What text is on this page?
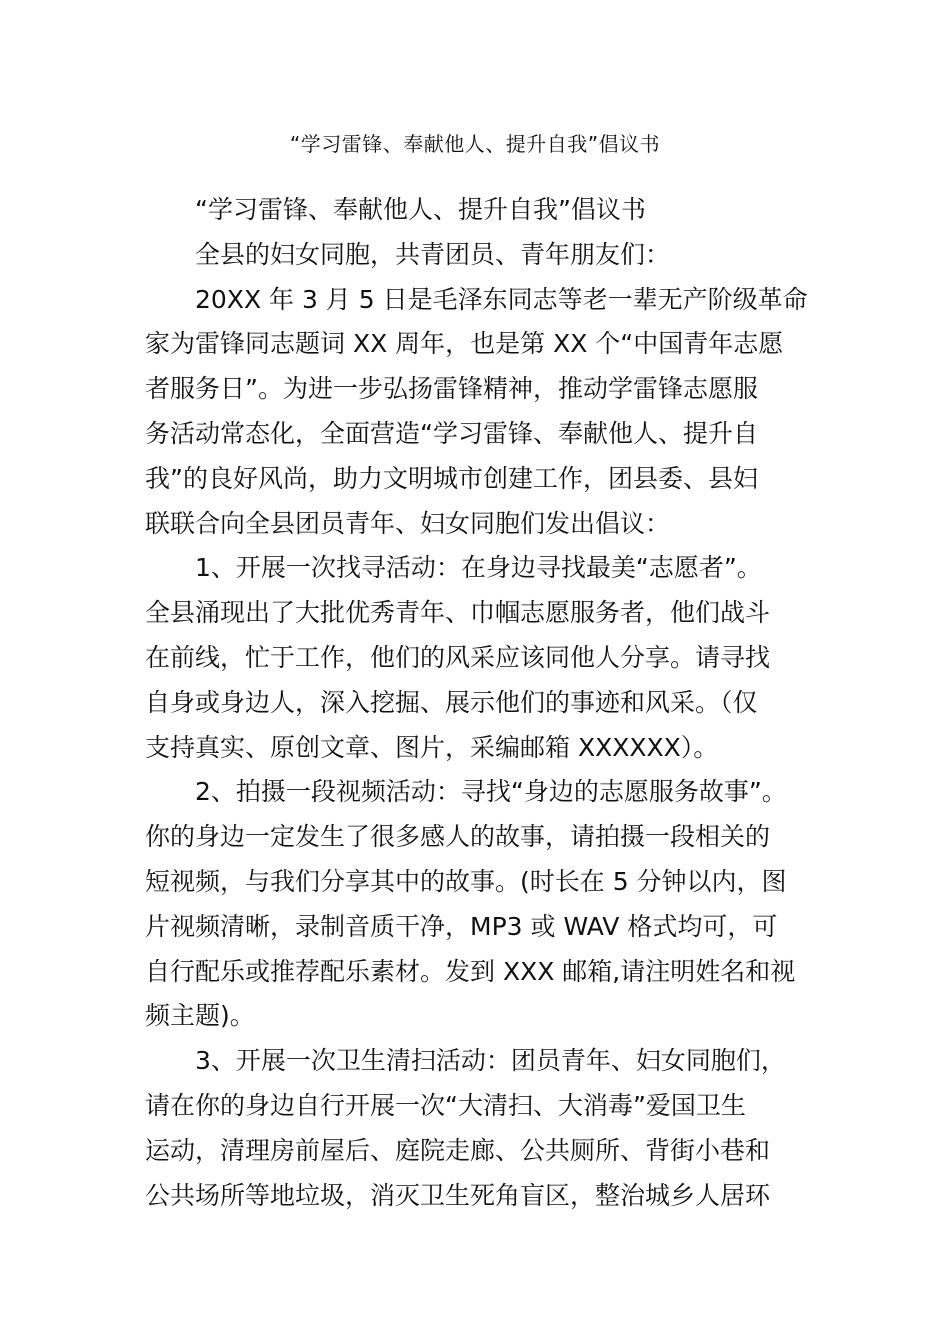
“学习雷锋、奉献他人、提升自我”倡议书
“学习雷锋、奉献他人、提升自我”倡议书
全县的妇女同胞，共青团员、青年朋友们：
20XX 年 3 月 5 日是毛泽东同志等老一辈无产阶级革命
家为雷锋同志题词 XX 周年，也是第 XX 个“中国青年志愿
者服务日”。为进一步弘扬雷锋精神，推动学雷锋志愿服
务活动常态化，全面营造“学习雷锋、奉献他人、提升自
我”的良好风尚，助力文明城市创建工作，团县委、县妇
联联合向全县团员青年、妇女同胞们发出倡议：
1、开展一次找寻活动：在身边寻找最美“志愿者”。
全县涌现出了大批优秀青年、巾帼志愿服务者，他们战斗
在前线，忙于工作，他们的风采应该同他人分享。请寻找
自身或身边人，深入挖掘、展示他们的事迹和风采。（仅
支持真实、原创文章、图片，采编邮箱 XXXXXX）。
2、拍摄一段视频活动：寻找“身边的志愿服务故事”。
你的身边一定发生了很多感人的故事，请拍摄一段相关的
短视频，与我们分享其中的故事。(时长在 5 分钟以内，图
片视频清晰，录制音质干净，MP3 或 WAV 格式均可，可
自行配乐或推荐配乐素材。发到 XXX 邮箱,请注明姓名和视
频主题)。
3、开展一次卫生清扫活动：团员青年、妇女同胞们，
请在你的身边自行开展一次“大清扫、大消毒”爱国卫生
运动，清理房前屋后、庭院走廊、公共厕所、背街小巷和
公共场所等地垃圾，消灭卫生死角盲区，整治城乡人居环
